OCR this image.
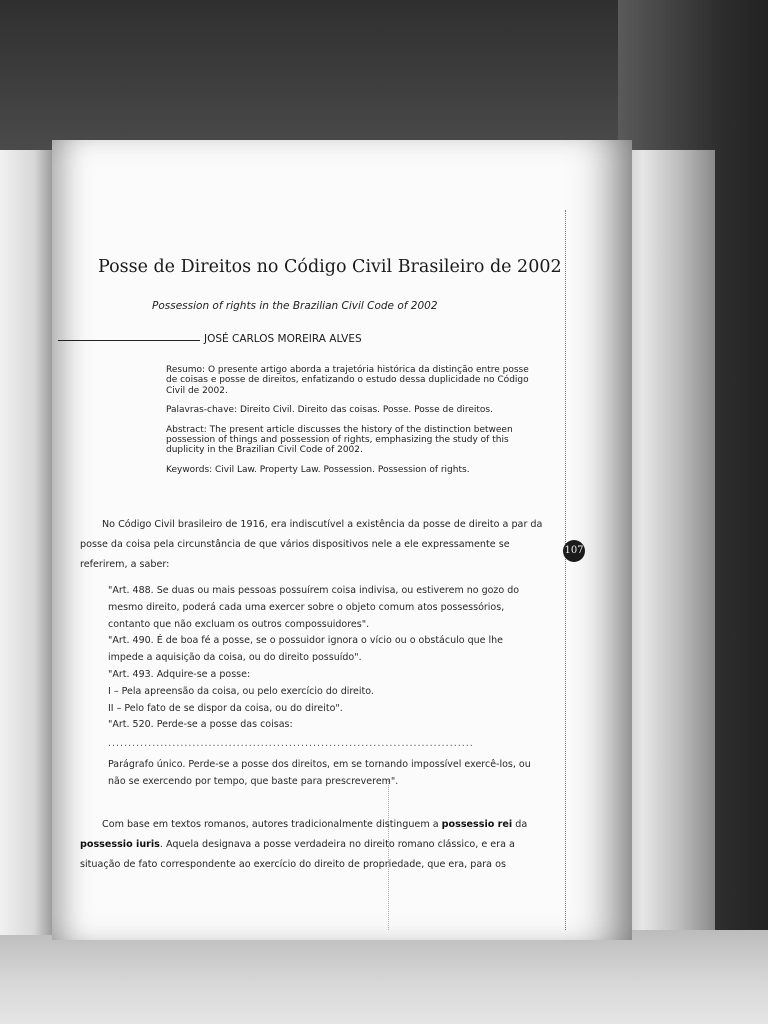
Posse de Direitos no Código Civil Brasileiro de 2002
Possession of rights in the Brazilian Civil Code of 2002
JOSÉ CARLOS MOREIRA ALVES

Resumo: O presente artigo aborda a trajetória histórica da distinção entre posse de coisas e posse de direitos, enfatizando o estudo dessa duplicidade no Código Civil de 2002.

Palavras-chave: Direito Civil. Direito das coisas. Posse. Posse de direitos.

Abstract: The present article discusses the history of the distinction between possession of things and possession of rights, emphasizing the study of this duplicity in the Brazilian Civil Code of 2002.

Keywords: Civil Law. Property Law. Possession. Possession of rights.

No Código Civil brasileiro de 1916, era indiscutível a existência da posse de direito a par da posse da coisa pela circunstância de que vários dispositivos nele a ele expressamente se referirem, a saber:

"Art. 488. Se duas ou mais pessoas possuírem coisa indivisa, ou estiverem no gozo do mesmo direito, poderá cada uma exercer sobre o objeto comum atos possessórios, contanto que não excluam os outros compossuidores".

"Art. 490. É de boa fé a posse, se o possuidor ignora o vício ou o obstáculo que lhe impede a aquisição da coisa, ou do direito possuído".

"Art. 493. Adquire-se a posse:

I – Pela apreensão da coisa, ou pelo exercício do direito.

II – Pelo fato de se dispor da coisa, ou do direito".

"Art. 520. Perde-se a posse das coisas:

...........................................................................................

Parágrafo único. Perde-se a posse dos direitos, em se tornando impossível exercê-los, ou não se exercendo por tempo, que baste para prescreverem".

Com base em textos romanos, autores tradicionalmente distinguem a possessio rei da possessio iuris. Aquela designava a posse verdadeira no direito romano clássico, e era a situação de fato correspondente ao exercício do direito de propriedade, que era, para os
107
